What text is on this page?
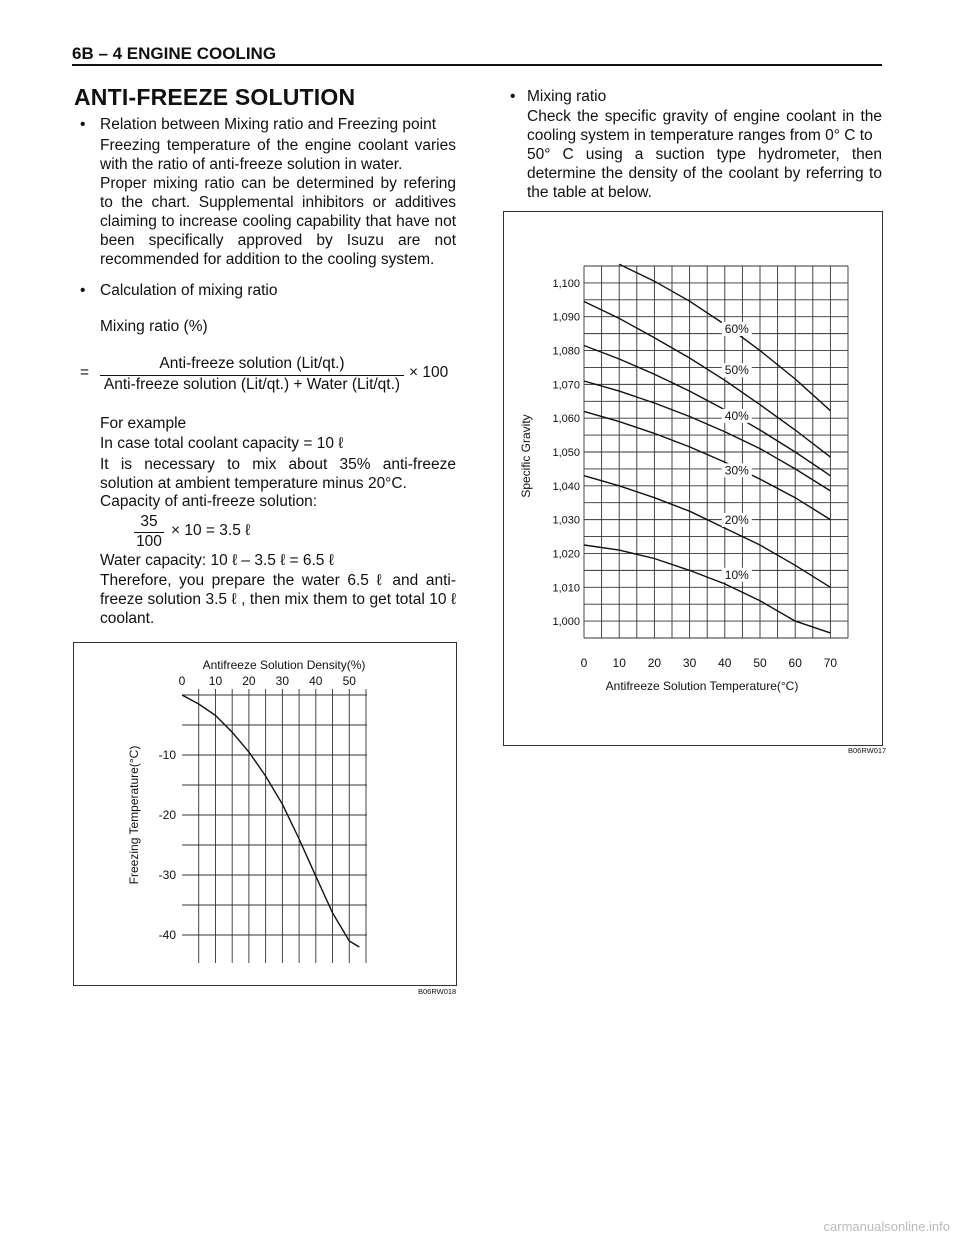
6B – 4 ENGINE COOLING
ANTI-FREEZE SOLUTION
• Relation between Mixing ratio and Freezing point
Freezing temperature of the engine coolant varies with the ratio of anti-freeze solution in water.
Proper mixing ratio can be determined by refering to the chart. Supplemental inhibitors or additives claiming to increase cooling capability that have not been specifically approved by Isuzu are not recommended for addition to the cooling system.
• Calculation of mixing ratio
Mixing ratio (%)
=
Anti-freeze solution (Lit/qt.)
Anti-freeze solution (Lit/qt.) + Water (Lit/qt.)
× 100
For example
In case total coolant capacity = 10 ℓ
It is necessary to mix about 35% anti-freeze solution at ambient temperature minus 20°C.
Capacity of anti-freeze solution:
35
100
× 10 = 3.5 ℓ
Water capacity: 10 ℓ – 3.5 ℓ = 6.5 ℓ
Therefore, you prepare the water 6.5 ℓ and anti-freeze solution 3.5 ℓ , then mix them to get total 10 ℓ coolant.
0 10 20 30 40 50
-10
-20
-30
-40
Antifreeze Solution Density(%)
Freezing Temperature(°C)
B06RW018
• Mixing ratio
Check the specific gravity of engine coolant in the cooling system in temperature ranges from 0° C to
50° C using a suction type hydrometer, then determine the density of the coolant by referring to the table at below.
1,100
1,090
1,080
1,070
1,060
1,050
1,040
1,030
1,020
1,010
1,000
0 10 20 30 40 50 60 70
Antifreeze Solution Temperature(°C)
Specific Gravity
60%
50%
40%
30%
20%
10%
B06RW017
carmanualsonline.info
